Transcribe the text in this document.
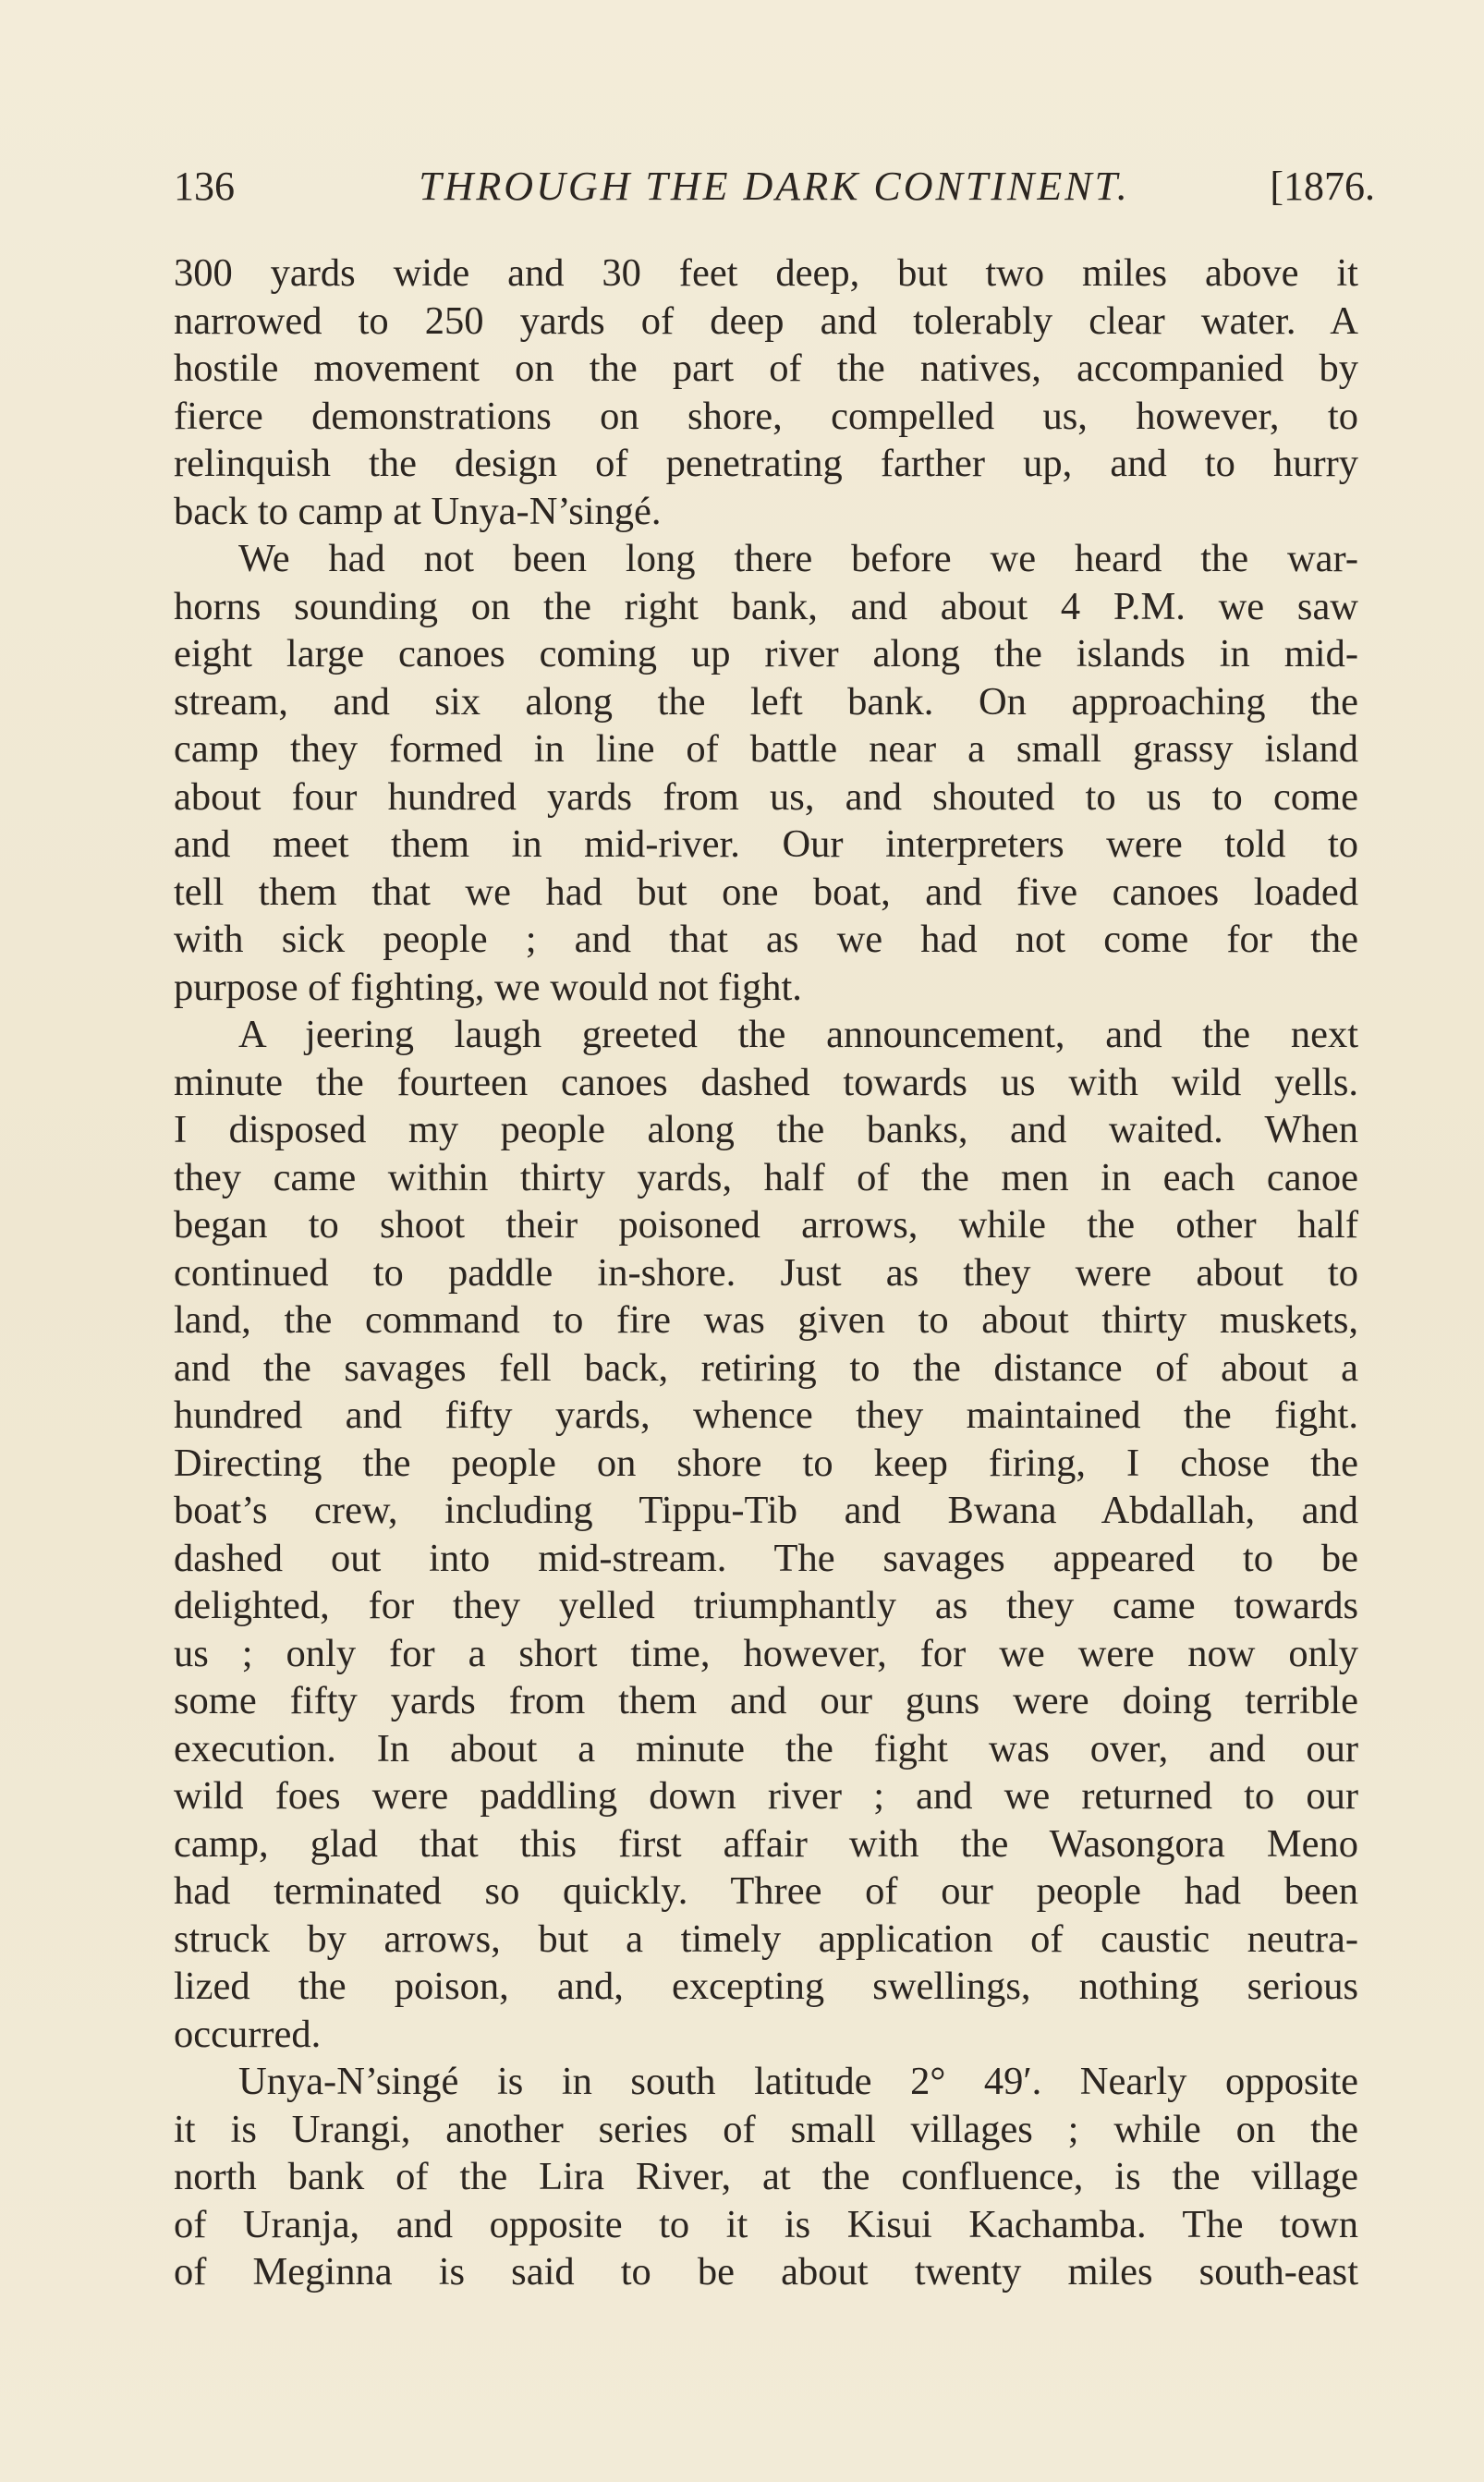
136	THROUGH THE DARK CONTINENT.	[1876.
300 yards wide and 30 feet deep, but two miles above it
narrowed to 250 yards of deep and tolerably clear water. A
hostile movement on the part of the natives, accompanied by
fierce demonstrations on shore, compelled us, however, to
relinquish the design of penetrating farther up, and to hurry
back to camp at Unya-N’singé.
We had not been long there before we heard the war-
horns sounding on the right bank, and about 4 P.M. we saw
eight large canoes coming up river along the islands in mid-
stream, and six along the left bank. On approaching the
camp they formed in line of battle near a small grassy island
about four hundred yards from us, and shouted to us to come
and meet them in mid-river. Our interpreters were told to
tell them that we had but one boat, and five canoes loaded
with sick people ; and that as we had not come for the
purpose of fighting, we would not fight.
A jeering laugh greeted the announcement, and the next
minute the fourteen canoes dashed towards us with wild yells.
I disposed my people along the banks, and waited. When
they came within thirty yards, half of the men in each canoe
began to shoot their poisoned arrows, while the other half
continued to paddle in-shore. Just as they were about to
land, the command to fire was given to about thirty muskets,
and the savages fell back, retiring to the distance of about a
hundred and fifty yards, whence they maintained the fight.
Directing the people on shore to keep firing, I chose the
boat’s crew, including Tippu-Tib and Bwana Abdallah, and
dashed out into mid-stream. The savages appeared to be
delighted, for they yelled triumphantly as they came towards
us ; only for a short time, however, for we were now only
some fifty yards from them and our guns were doing terrible
execution. In about a minute the fight was over, and our
wild foes were paddling down river ; and we returned to our
camp, glad that this first affair with the Wasongora Meno
had terminated so quickly. Three of our people had been
struck by arrows, but a timely application of caustic neutra-
lized the poison, and, excepting swellings, nothing serious
occurred.
Unya-N’singé is in south latitude 2° 49′. Nearly opposite
it is Urangi, another series of small villages ; while on the
north bank of the Lira River, at the confluence, is the village
of Uranja, and opposite to it is Kisui Kachamba. The town
of Meginna is said to be about twenty miles south-east
